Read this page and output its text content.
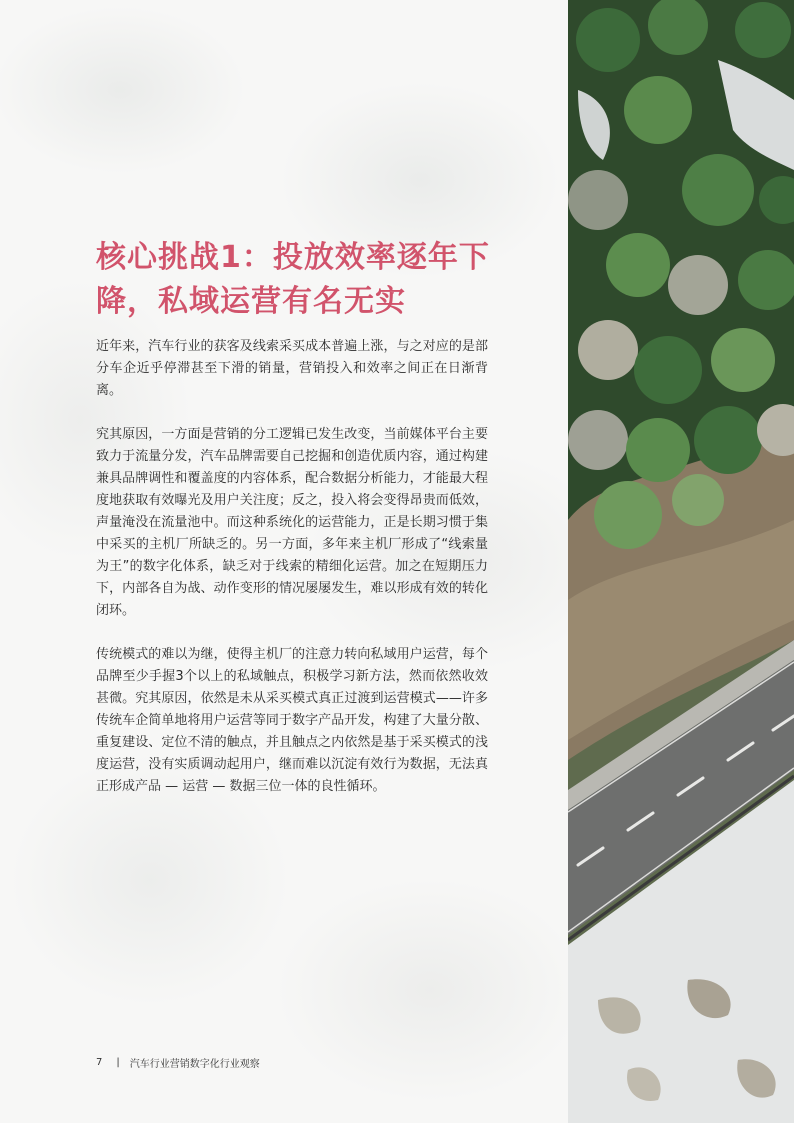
核心挑战1：投放效率逐年下降，私域运营有名无实

近年来，汽车行业的获客及线索采买成本普遍上涨，与之对应的是部分车企近乎停滞甚至下滑的销量，营销投入和效率之间正在日渐背离。

究其原因，一方面是营销的分工逻辑已发生改变，当前媒体平台主要致力于流量分发，汽车品牌需要自己挖掘和创造优质内容，通过构建兼具品牌调性和覆盖度的内容体系，配合数据分析能力，才能最大程度地获取有效曝光及用户关注度；反之，投入将会变得昂贵而低效，声量淹没在流量池中。而这种系统化的运营能力，正是长期习惯于集中采买的主机厂所缺乏的。另一方面，多年来主机厂形成了“线索量为王”的数字化体系，缺乏对于线索的精细化运营。加之在短期压力下，内部各自为战、动作变形的情况屡屡发生，难以形成有效的转化闭环。

传统模式的难以为继，使得主机厂的注意力转向私域用户运营，每个品牌至少手握3个以上的私域触点，积极学习新方法，然而依然收效甚微。究其原因，依然是未从采买模式真正过渡到运营模式——许多传统车企简单地将用户运营等同于数字产品开发，构建了大量分散、重复建设、定位不清的触点，并且触点之内依然是基于采买模式的浅度运营，没有实质调动起用户，继而难以沉淀有效行为数据，无法真正形成产品 — 运营 — 数据三位一体的良性循环。

7 | 汽车行业营销数字化行业观察
